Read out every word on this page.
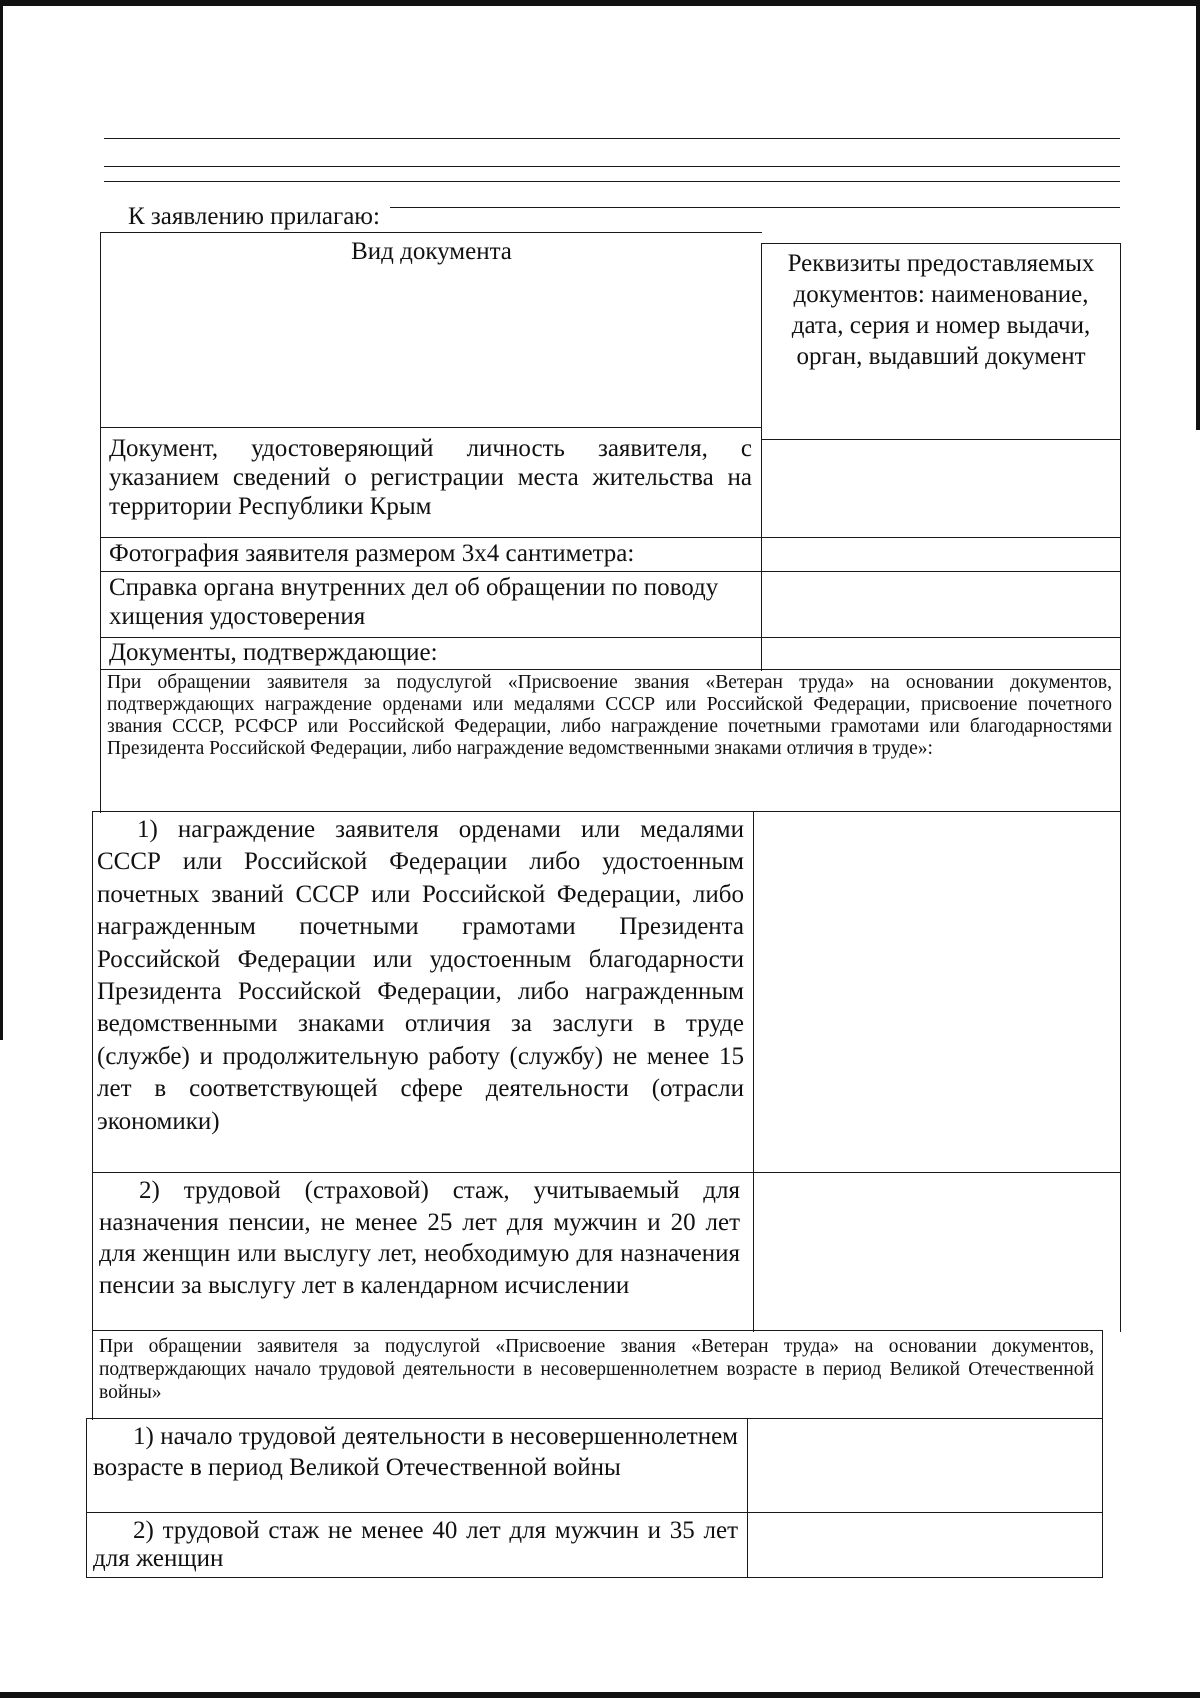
К заявлению прилагаю:

Вид документа	Реквизиты предоставляемых документов: наименование, дата, серия и номер выдачи, орган, выдавший документ

Документ, удостоверяющий личность заявителя, с указанием сведений о регистрации места жительства на территории Республики Крым

Фотография заявителя размером 3х4 сантиметра:

Справка органа внутренних дел об обращении по поводу хищения удостоверения

Документы, подтверждающие:

При обращении заявителя за подуслугой «Присвоение звания «Ветеран труда» на основании документов, подтверждающих награждение орденами или медалями СССР или Российской Федерации, присвоение почетного звания СССР, РСФСР или Российской Федерации, либо награждение почетными грамотами или благодарностями Президента Российской Федерации, либо награждение ведомственными знаками отличия в труде»:

1) награждение заявителя орденами или медалями СССР или Российской Федерации либо удостоенным почетных званий СССР или Российской Федерации, либо награжденным почетными грамотами Президента Российской Федерации или удостоенным благодарности Президента Российской Федерации, либо награжденным ведомственными знаками отличия за заслуги в труде (службе) и продолжительную работу (службу) не менее 15 лет в соответствующей сфере деятельности (отрасли экономики)

2) трудовой (страховой) стаж, учитываемый для назначения пенсии, не менее 25 лет для мужчин и 20 лет для женщин или выслугу лет, необходимую для назначения пенсии за выслугу лет в календарном исчислении

При обращении заявителя за подуслугой «Присвоение звания «Ветеран труда» на основании документов, подтверждающих начало трудовой деятельности в несовершеннолетнем возрасте в период Великой Отечественной войны»

1) начало трудовой деятельности в несовершеннолетнем возрасте в период Великой Отечественной войны

2) трудовой стаж не менее 40 лет для мужчин и 35 лет для женщин
